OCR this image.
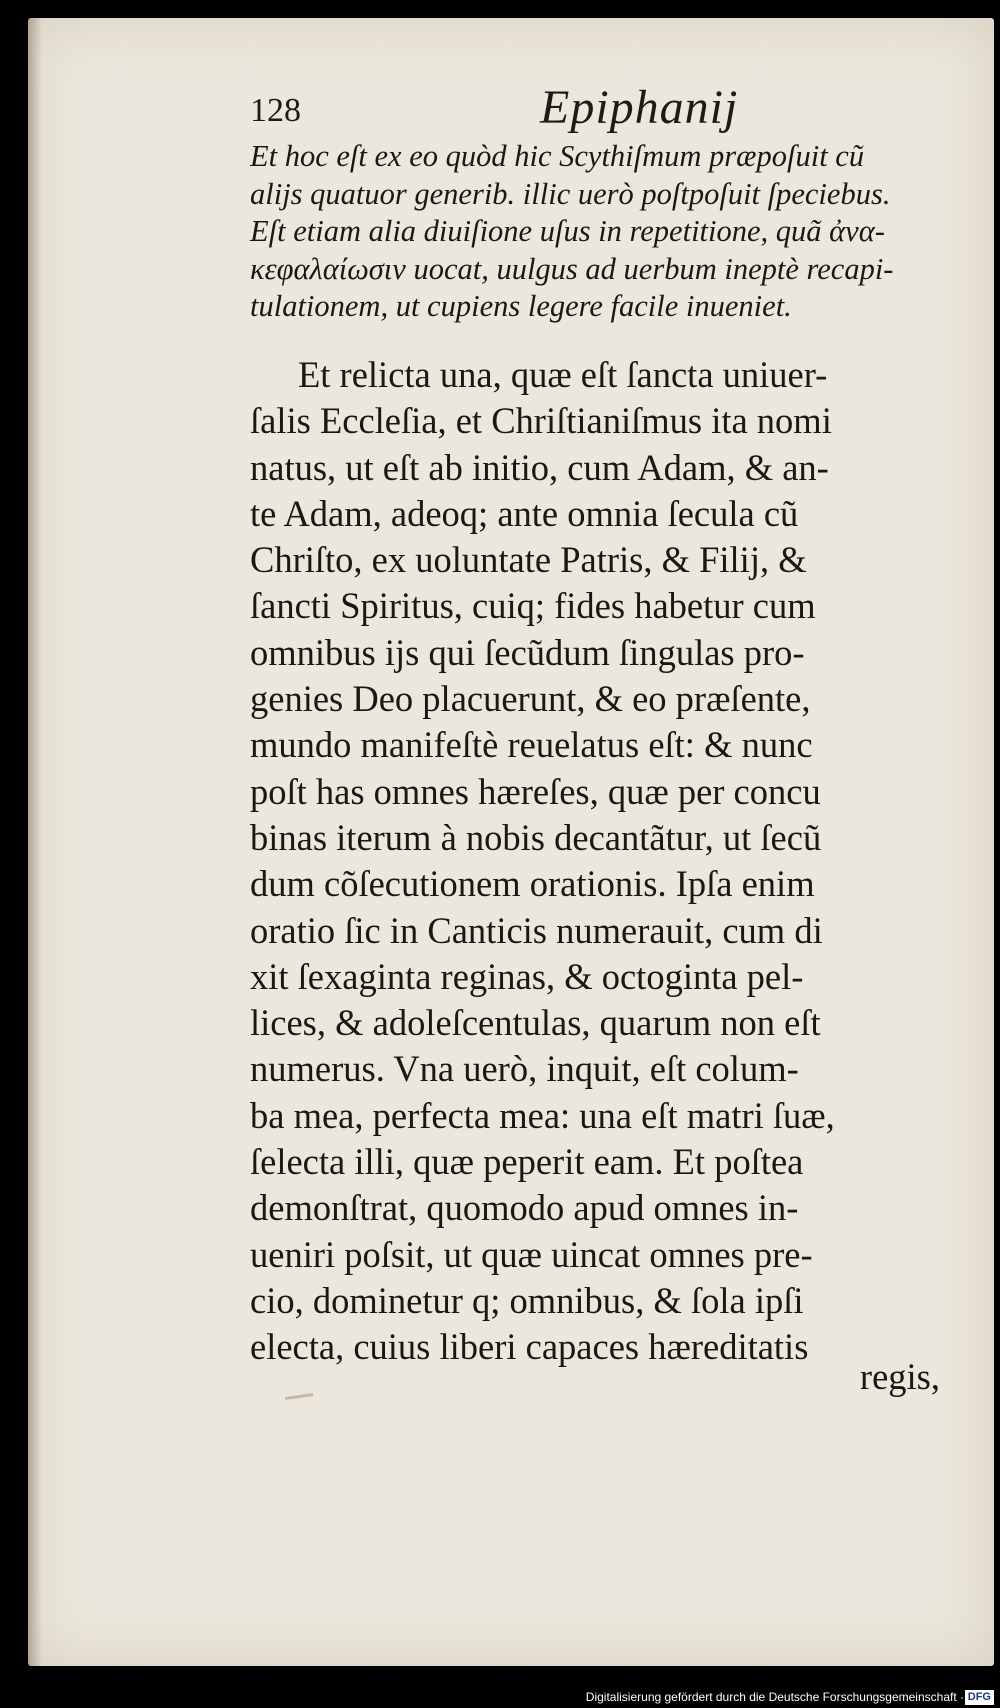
128	Epiphanij
Et hoc eſt ex eo quòd hic Scythiſmum præpoſuit cũ
alijs quatuor generib. illic uerò poſtpoſuit ſpeciebus.
Eſt etiam alia diuiſione uſus in repetitione, quã ἀνα-
κεφαλαίωσιν uocat, uulgus ad uerbum ineptè recapi-
tulationem, ut cupiens legere facile inueniet.
Et relicta una, quæ eſt ſancta uniuer-
ſalis Eccleſia, et Chriſtianiſmus ita nomi
natus, ut eſt ab initio, cum Adam, & an-
te Adam, adeoq; ante omnia ſecula cũ
Chriſto, ex uoluntate Patris, & Filij, &
ſancti Spiritus, cuiq; fides habetur cum
omnibus ijs qui ſecũdum ſingulas pro-
genies Deo placuerunt, & eo præſente,
mundo manifeſtè reuelatus eſt: & nunc
poſt has omnes hæreſes, quæ per concu
binas iterum à nobis decantãtur, ut ſecũ
dum cõſecutionem orationis. Ipſa enim
oratio ſic in Canticis numerauit, cum di
xit ſexaginta reginas, & octoginta pel-
lices, & adoleſcentulas, quarum non eſt
numerus. Vna uerò, inquit, eſt colum-
ba mea, perfecta mea: una eſt matri ſuæ,
ſelecta illi, quæ peperit eam. Et poſtea
demonſtrat, quomodo apud omnes in-
ueniri poſsit, ut quæ uincat omnes pre-
cio, dominetur q; omnibus, & ſola ipſi
electa, cuius liberi capaces hæreditatis
regis,
Digitalisierung gefördert durch die Deutsche Forschungsgemeinschaft · DFG
